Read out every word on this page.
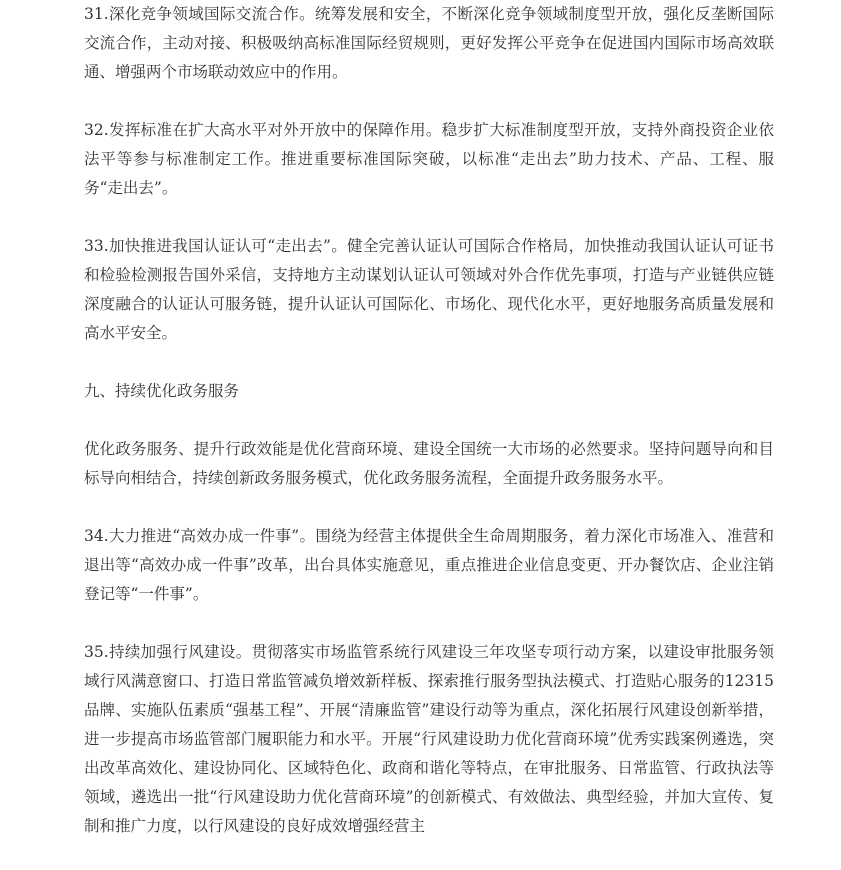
31.深化竞争领域国际交流合作。统筹发展和安全，不断深化竞争领域制度型开放，强化反垄断国际交流合作，主动对接、积极吸纳高标准国际经贸规则，更好发挥公平竞争在促进国内国际市场高效联通、增强两个市场联动效应中的作用。

32.发挥标准在扩大高水平对外开放中的保障作用。稳步扩大标准制度型开放，支持外商投资企业依法平等参与标准制定工作。推进重要标准国际突破，以标准“走出去”助力技术、产品、工程、服务“走出去”。

33.加快推进我国认证认可“走出去”。健全完善认证认可国际合作格局，加快推动我国认证认可证书和检验检测报告国外采信，支持地方主动谋划认证认可领域对外合作优先事项，打造与产业链供应链深度融合的认证认可服务链，提升认证认可国际化、市场化、现代化水平，更好地服务高质量发展和高水平安全。

九、持续优化政务服务

优化政务服务、提升行政效能是优化营商环境、建设全国统一大市场的必然要求。坚持问题导向和目标导向相结合，持续创新政务服务模式，优化政务服务流程，全面提升政务服务水平。

34.大力推进“高效办成一件事”。围绕为经营主体提供全生命周期服务，着力深化市场准入、准营和退出等“高效办成一件事”改革，出台具体实施意见，重点推进企业信息变更、开办餐饮店、企业注销登记等“一件事”。

35.持续加强行风建设。贯彻落实市场监管系统行风建设三年攻坚专项行动方案，以建设审批服务领域行风满意窗口、打造日常监管减负增效新样板、探索推行服务型执法模式、打造贴心服务的12315品牌、实施队伍素质“强基工程”、开展“清廉监管”建设行动等为重点，深化拓展行风建设创新举措，进一步提高市场监管部门履职能力和水平。开展“行风建设助力优化营商环境”优秀实践案例遴选，突出改革高效化、建设协同化、区域特色化、政商和谐化等特点，在审批服务、日常监管、行政执法等领域，遴选出一批“行风建设助力优化营商环境”的创新模式、有效做法、典型经验，并加大宣传、复制和推广力度，以行风建设的良好成效增强经营主
